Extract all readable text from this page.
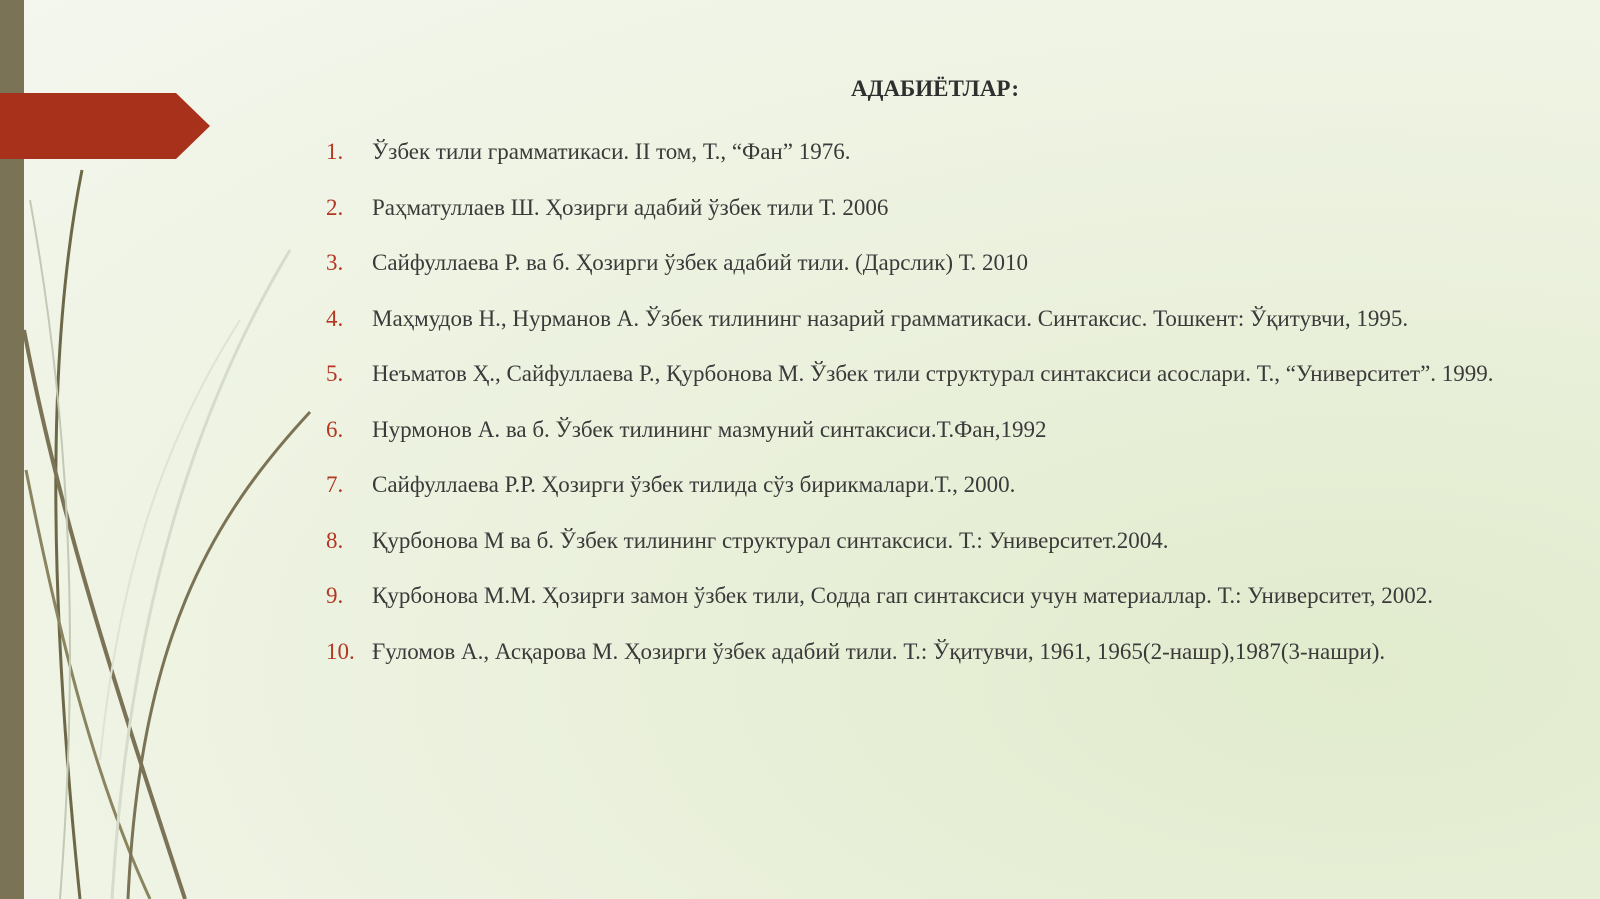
АДАБИЁТЛАР:
1.	Ўзбек тили грамматикаси. II том, Т., “Фан” 1976.
2.	Раҳматуллаев Ш. Ҳозирги адабий ўзбек тили Т. 2006
3.	Сайфуллаева Р. ва б. Ҳозирги ўзбек адабий тили. (Дарслик) Т. 2010
4.	Маҳмудов Н., Нурманов А. Ўзбек тилининг назарий грамматикаси. Синтаксис. Тошкент: Ўқитувчи, 1995.
5.	Неъматов Ҳ., Сайфуллаева Р., Қурбонова М. Ўзбек тили структурал синтаксиси асослари. Т., “Университет”. 1999.
6.	Нурмонов А. ва б. Ўзбек тилининг мазмуний синтаксиси.Т.Фан,1992
7.	Сайфуллаева Р.Р. Ҳозирги ўзбек тилида сўз бирикмалари.Т., 2000.
8.	Қурбонова М ва б. Ўзбек тилининг структурал синтаксиси. Т.: Университет.2004.
9.	Қурбонова М.М. Ҳозирги замон ўзбек тили, Содда гап синтаксиси учун материаллар. Т.: Университет, 2002.
10. Ғуломов А., Асқарова М. Ҳозирги ўзбек адабий тили. Т.: Ўқитувчи, 1961, 1965(2-нашр),1987(3-нашри).
